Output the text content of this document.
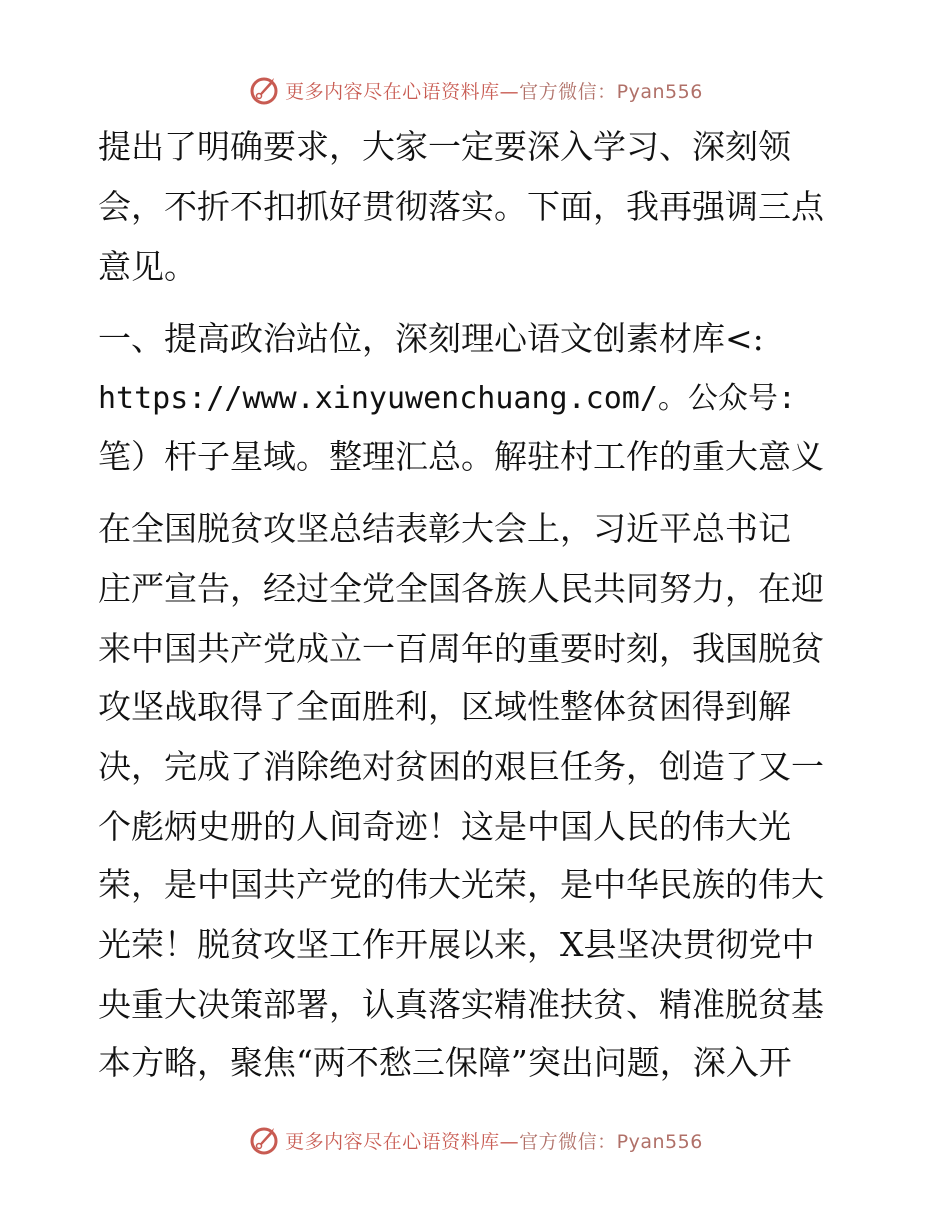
更多内容尽在心语资料库—官方微信：Pyan556
提出了明确要求，大家一定要深入学习、深刻领
会，不折不扣抓好贯彻落实。下面，我再强调三点
意见。
一、提高政治站位，深刻理心语文创素材库<:
https://www.xinyuwenchuang.com/。公众号:
笔）杆子星域。整理汇总。解驻村工作的重大意义
在全国脱贫攻坚总结表彰大会上，习近平总书记
庄严宣告，经过全党全国各族人民共同努力，在迎
来中国共产党成立一百周年的重要时刻，我国脱贫
攻坚战取得了全面胜利，区域性整体贫困得到解
决，完成了消除绝对贫困的艰巨任务，创造了又一
个彪炳史册的人间奇迹！这是中国人民的伟大光
荣，是中国共产党的伟大光荣，是中华民族的伟大
光荣！脱贫攻坚工作开展以来，X县坚决贯彻党中
央重大决策部署，认真落实精准扶贫、精准脱贫基
本方略，聚焦“两不愁三保障”突出问题，深入开
更多内容尽在心语资料库—官方微信：Pyan556
